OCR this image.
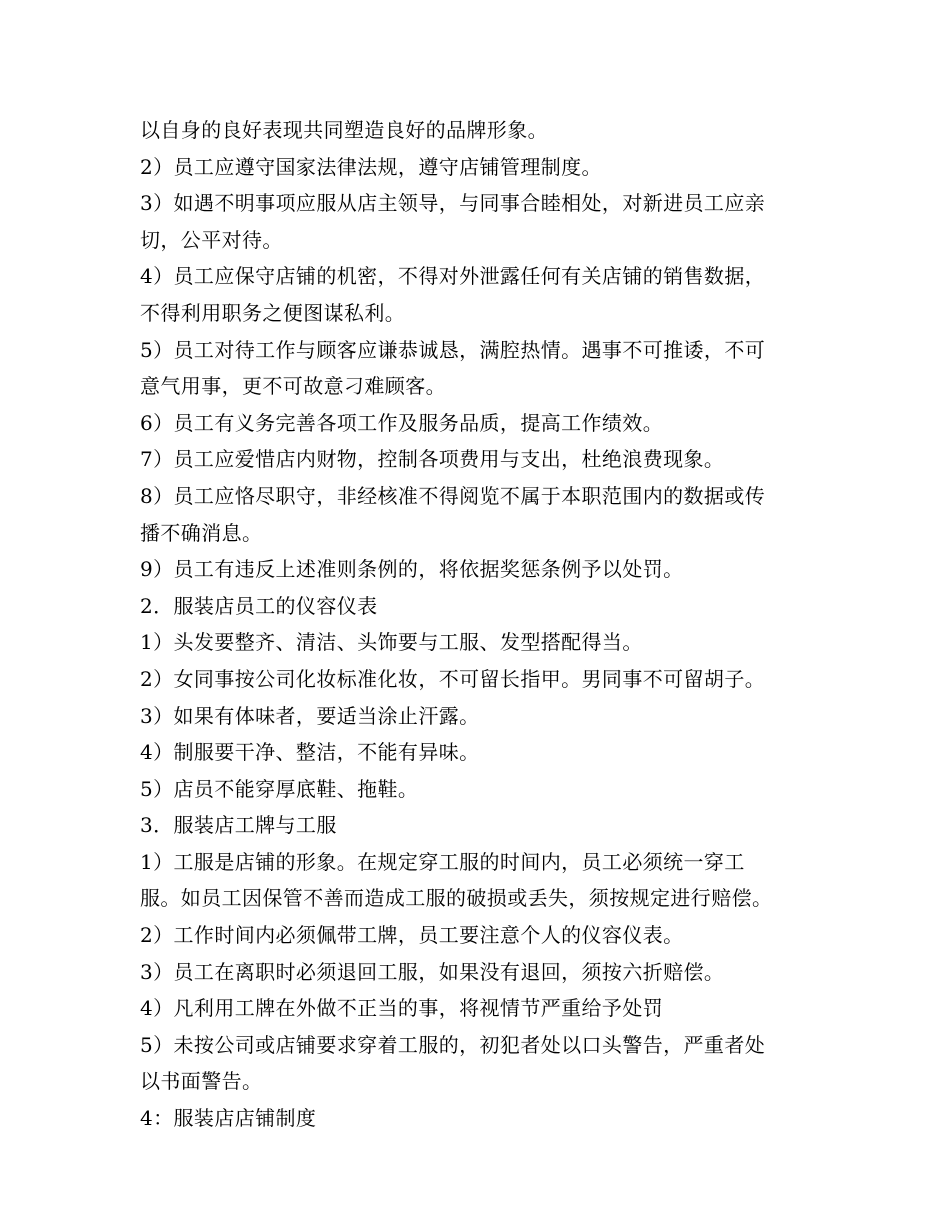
以自身的良好表现共同塑造良好的品牌形象。
2）员工应遵守国家法律法规，遵守店铺管理制度。
3）如遇不明事项应服从店主领导，与同事合睦相处，对新进员工应亲
切，公平对待。
4）员工应保守店铺的机密，不得对外泄露任何有关店铺的销售数据，
不得利用职务之便图谋私利。
5）员工对待工作与顾客应谦恭诚恳，满腔热情。遇事不可推诿，不可
意气用事，更不可故意刁难顾客。
6）员工有义务完善各项工作及服务品质，提高工作绩效。
7）员工应爱惜店内财物，控制各项费用与支出，杜绝浪费现象。
8）员工应恪尽职守，非经核准不得阅览不属于本职范围内的数据或传
播不确消息。
9）员工有违反上述准则条例的，将依据奖惩条例予以处罚。
2．服装店员工的仪容仪表
1）头发要整齐、清洁、头饰要与工服、发型搭配得当。
2）女同事按公司化妆标准化妆，不可留长指甲。男同事不可留胡子。
3）如果有体味者，要适当涂止汗露。
4）制服要干净、整洁，不能有异味。
5）店员不能穿厚底鞋、拖鞋。
3．服装店工牌与工服
1）工服是店铺的形象。在规定穿工服的时间内，员工必须统一穿工
服。如员工因保管不善而造成工服的破损或丢失，须按规定进行赔偿。
2）工作时间内必须佩带工牌，员工要注意个人的仪容仪表。
3）员工在离职时必须退回工服，如果没有退回，须按六折赔偿。
4）凡利用工牌在外做不正当的事，将视情节严重给予处罚
5）未按公司或店铺要求穿着工服的，初犯者处以口头警告，严重者处
以书面警告。
4：服装店店铺制度
